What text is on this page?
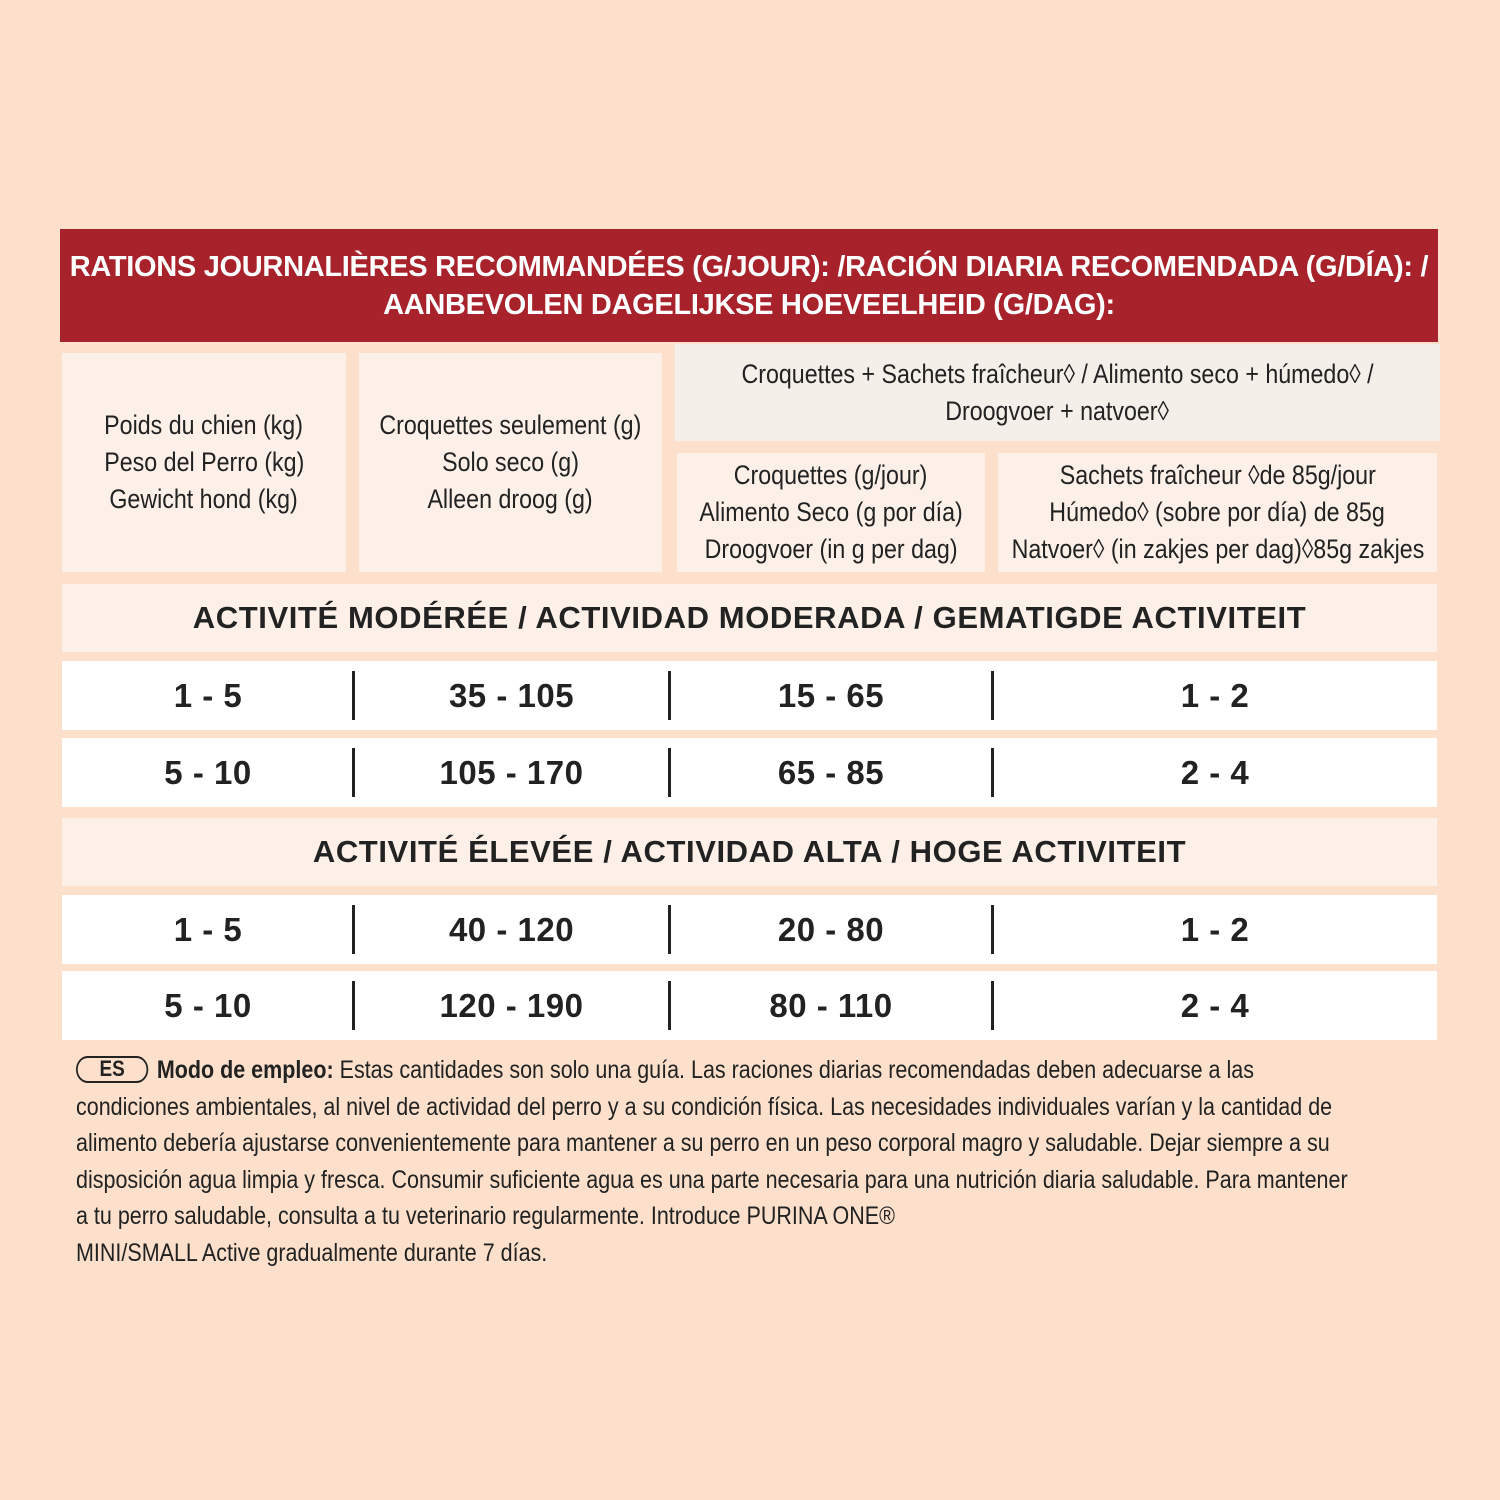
RATIONS JOURNALIÈRES RECOMMANDÉES (G/JOUR): /RACIÓN DIARIA RECOMENDADA (G/DÍA): /
AANBEVOLEN DAGELIJKSE HOEVEELHEID (G/DAG):
Poids du chien (kg)
Peso del Perro (kg)
Gewicht hond (kg)
Croquettes seulement (g)
Solo seco (g)
Alleen droog (g)
Croquettes + Sachets fraîcheur◊ / Alimento seco + húmedo◊ /
Droogvoer + natvoer◊
Croquettes (g/jour)
Alimento Seco (g por día)
Droogvoer (in g per dag)
Sachets fraîcheur ◊de 85g/jour
Húmedo◊ (sobre por día) de 85g
Natvoer◊ (in zakjes per dag)◊85g zakjes
ACTIVITÉ MODÉRÉE / ACTIVIDAD MODERADA / GEMATIGDE ACTIVITEIT
1 - 5	35 - 105	15 - 65	1 - 2
5 - 10	105 - 170	65 - 85	2 - 4
ACTIVITÉ ÉLEVÉE / ACTIVIDAD ALTA / HOGE ACTIVITEIT
1 - 5	40 - 120	20 - 80	1 - 2
5 - 10	120 - 190	80 - 110	2 - 4
ES Modo de empleo: Estas cantidades son solo una guía. Las raciones diarias recomendadas deben adecuarse a las
condiciones ambientales, al nivel de actividad del perro y a su condición física. Las necesidades individuales varían y la cantidad de
alimento debería ajustarse convenientemente para mantener a su perro en un peso corporal magro y saludable. Dejar siempre a su
disposición agua limpia y fresca. Consumir suficiente agua es una parte necesaria para una nutrición diaria saludable. Para mantener
a tu perro saludable, consulta a tu veterinario regularmente. Introduce PURINA ONE®
MINI/SMALL Active gradualmente durante 7 días.
